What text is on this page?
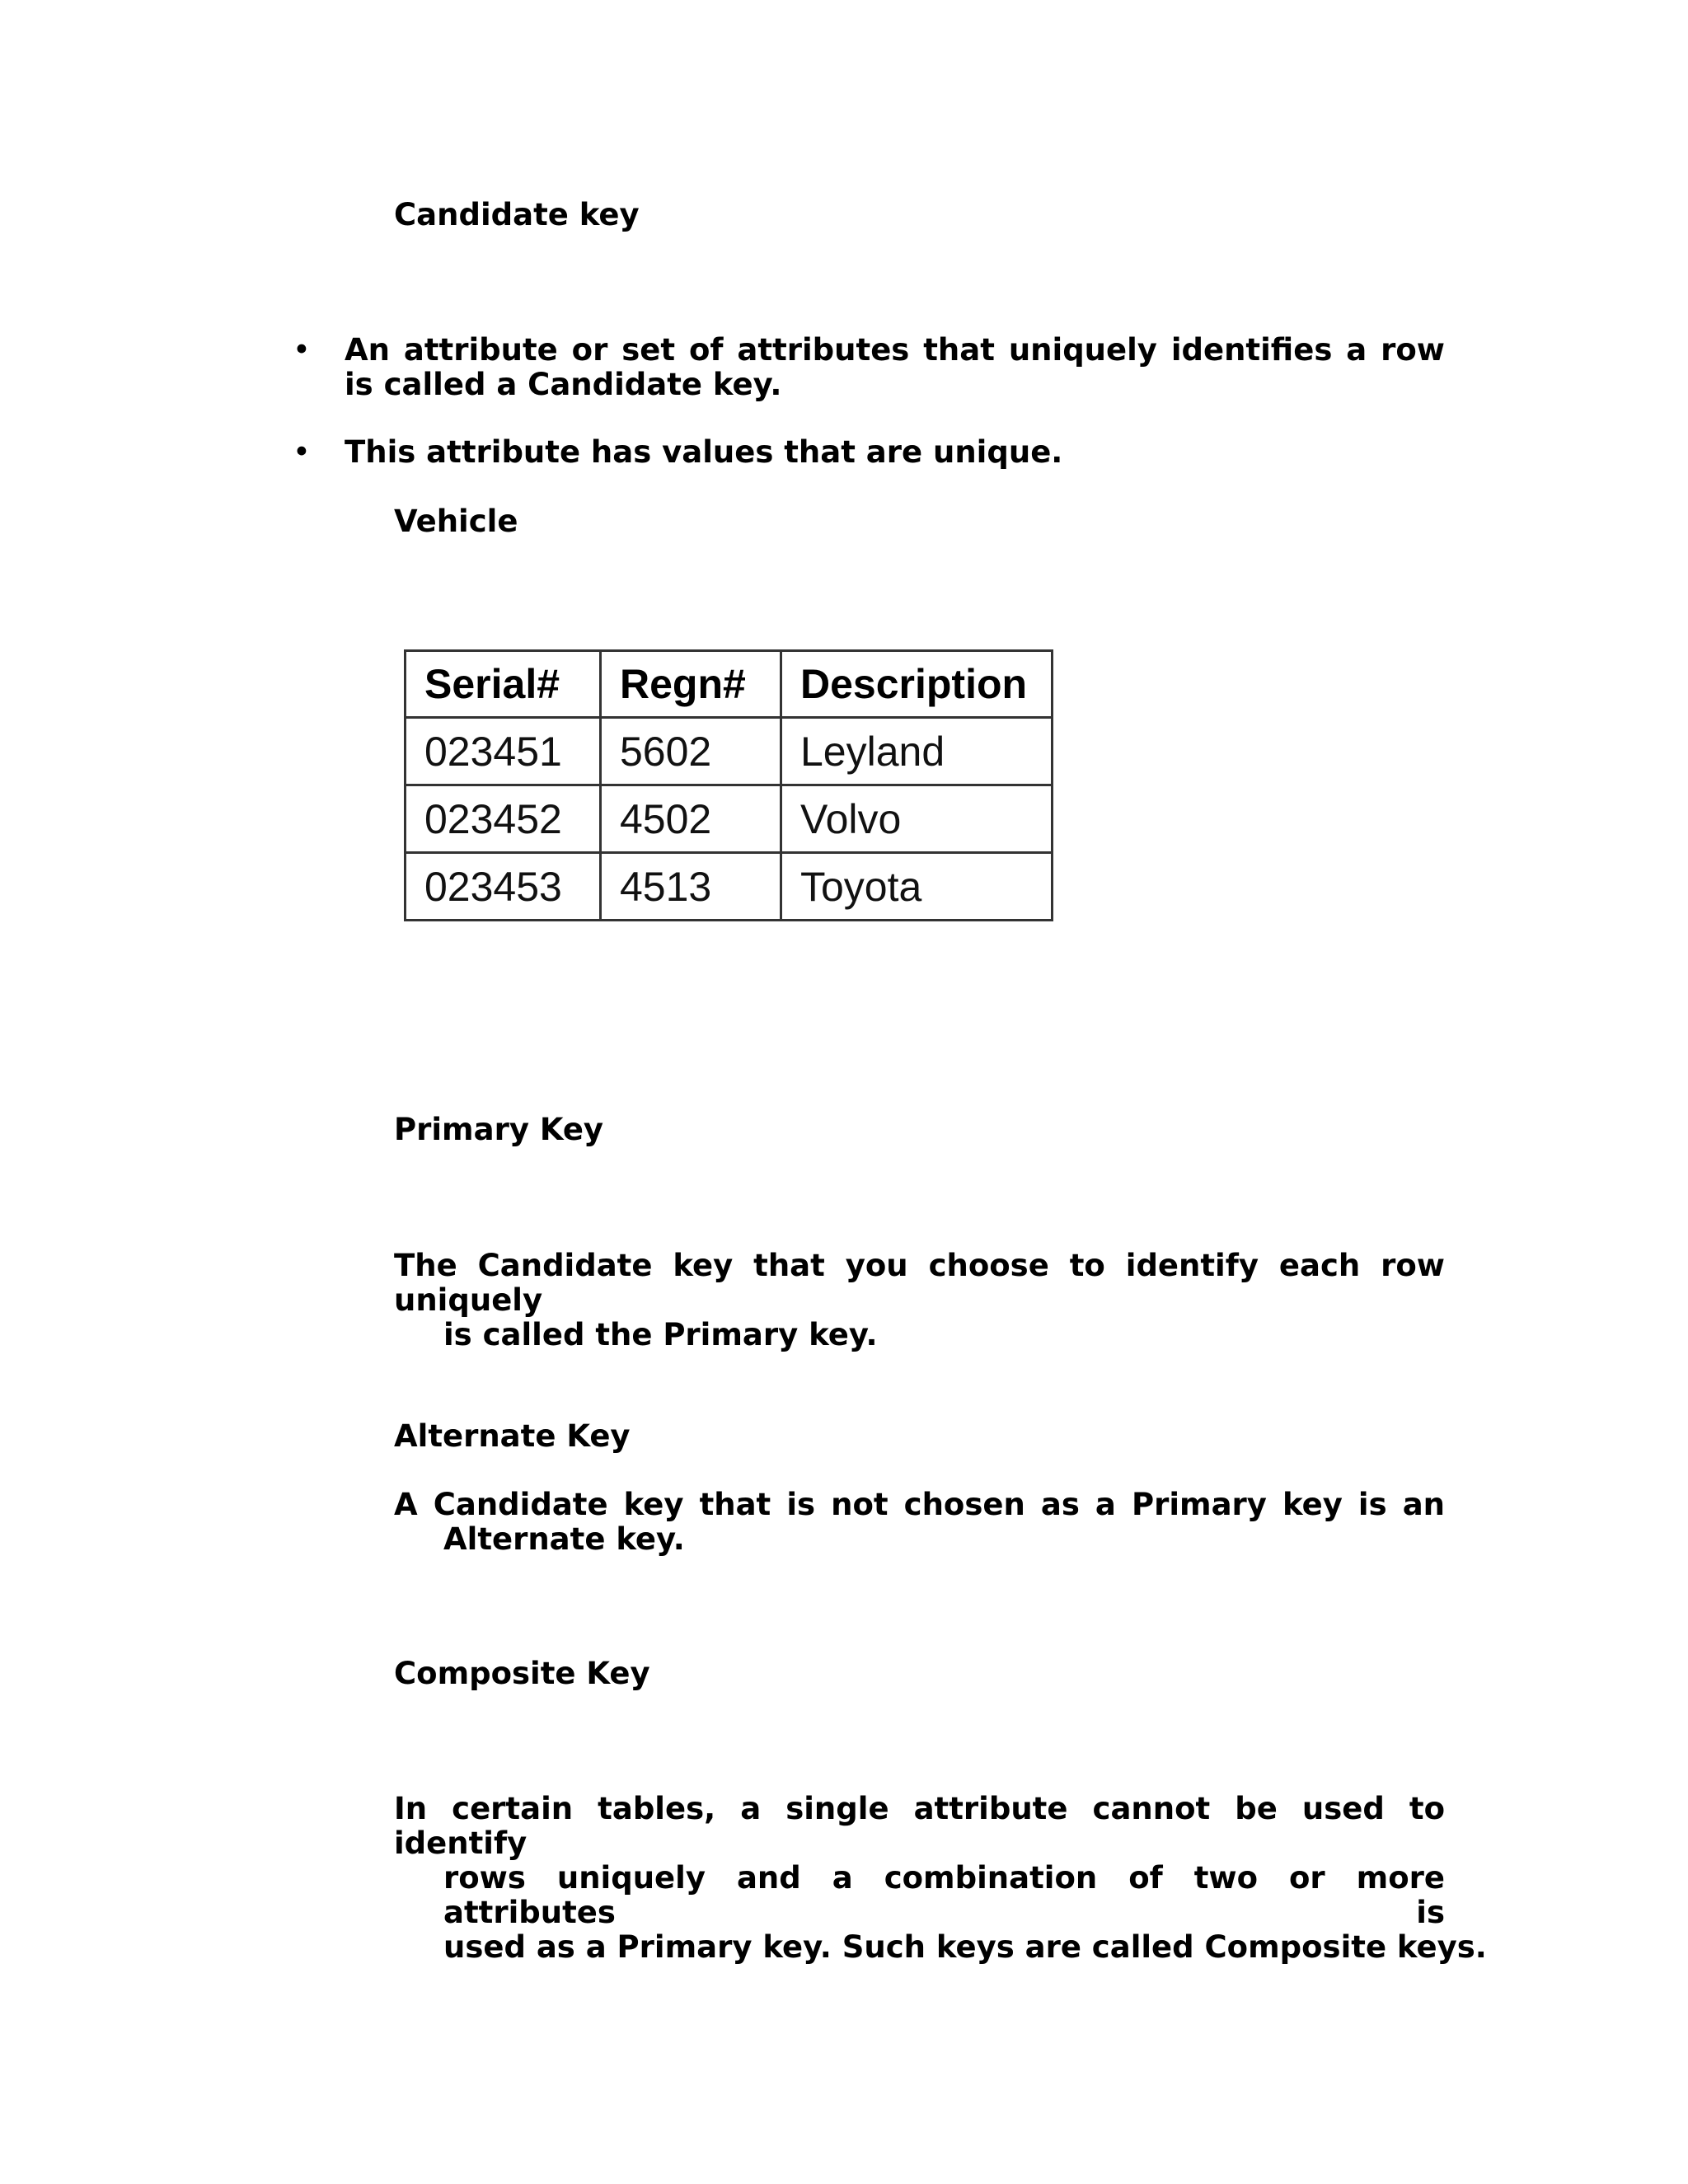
Candidate key
• An attribute or set of attributes that uniquely identifies a row is called a Candidate key.
• This attribute has values that are unique.
Vehicle
Serial#	Regn#	Description
023451	5602	Leyland
023452	4502	Volvo
023453	4513	Toyota
Primary Key
The Candidate key that you choose to identify each row uniquely
is called the Primary key.
Alternate Key
A Candidate key that is not chosen as a Primary key is an
Alternate key.
Composite Key
In certain tables, a single attribute cannot be used to identify
rows uniquely and a combination of two or more attributes is
used as a Primary key. Such keys are called Composite keys.
